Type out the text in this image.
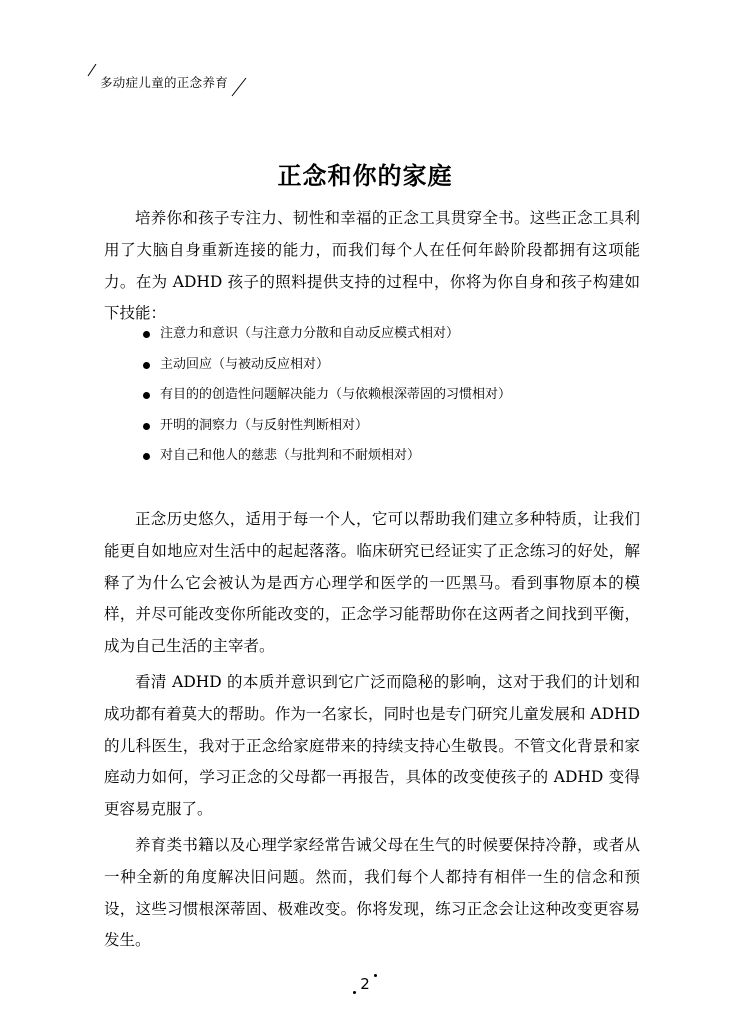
多动症儿童的正念养育
正念和你的家庭

培养你和孩子专注力、韧性和幸福的正念工具贯穿全书。这些正念工具利用了大脑自身重新连接的能力，而我们每个人在任何年龄阶段都拥有这项能力。在为 ADHD 孩子的照料提供支持的过程中，你将为你自身和孩子构建如下技能：

注意力和意识（与注意力分散和自动反应模式相对）
主动回应（与被动反应相对）
有目的的创造性问题解决能力（与依赖根深蒂固的习惯相对）
开明的洞察力（与反射性判断相对）
对自己和他人的慈悲（与批判和不耐烦相对）

正念历史悠久，适用于每一个人，它可以帮助我们建立多种特质，让我们能更自如地应对生活中的起起落落。临床研究已经证实了正念练习的好处，解释了为什么它会被认为是西方心理学和医学的一匹黑马。看到事物原本的模样，并尽可能改变你所能改变的，正念学习能帮助你在这两者之间找到平衡，成为自己生活的主宰者。

看清 ADHD 的本质并意识到它广泛而隐秘的影响，这对于我们的计划和成功都有着莫大的帮助。作为一名家长，同时也是专门研究儿童发展和 ADHD 的儿科医生，我对于正念给家庭带来的持续支持心生敬畏。不管文化背景和家庭动力如何，学习正念的父母都一再报告，具体的改变使孩子的 ADHD 变得更容易克服了。

养育类书籍以及心理学家经常告诫父母在生气的时候要保持冷静，或者从一种全新的角度解决旧问题。然而，我们每个人都持有相伴一生的信念和预设，这些习惯根深蒂固、极难改变。你将发现，练习正念会让这种改变更容易发生。

2
